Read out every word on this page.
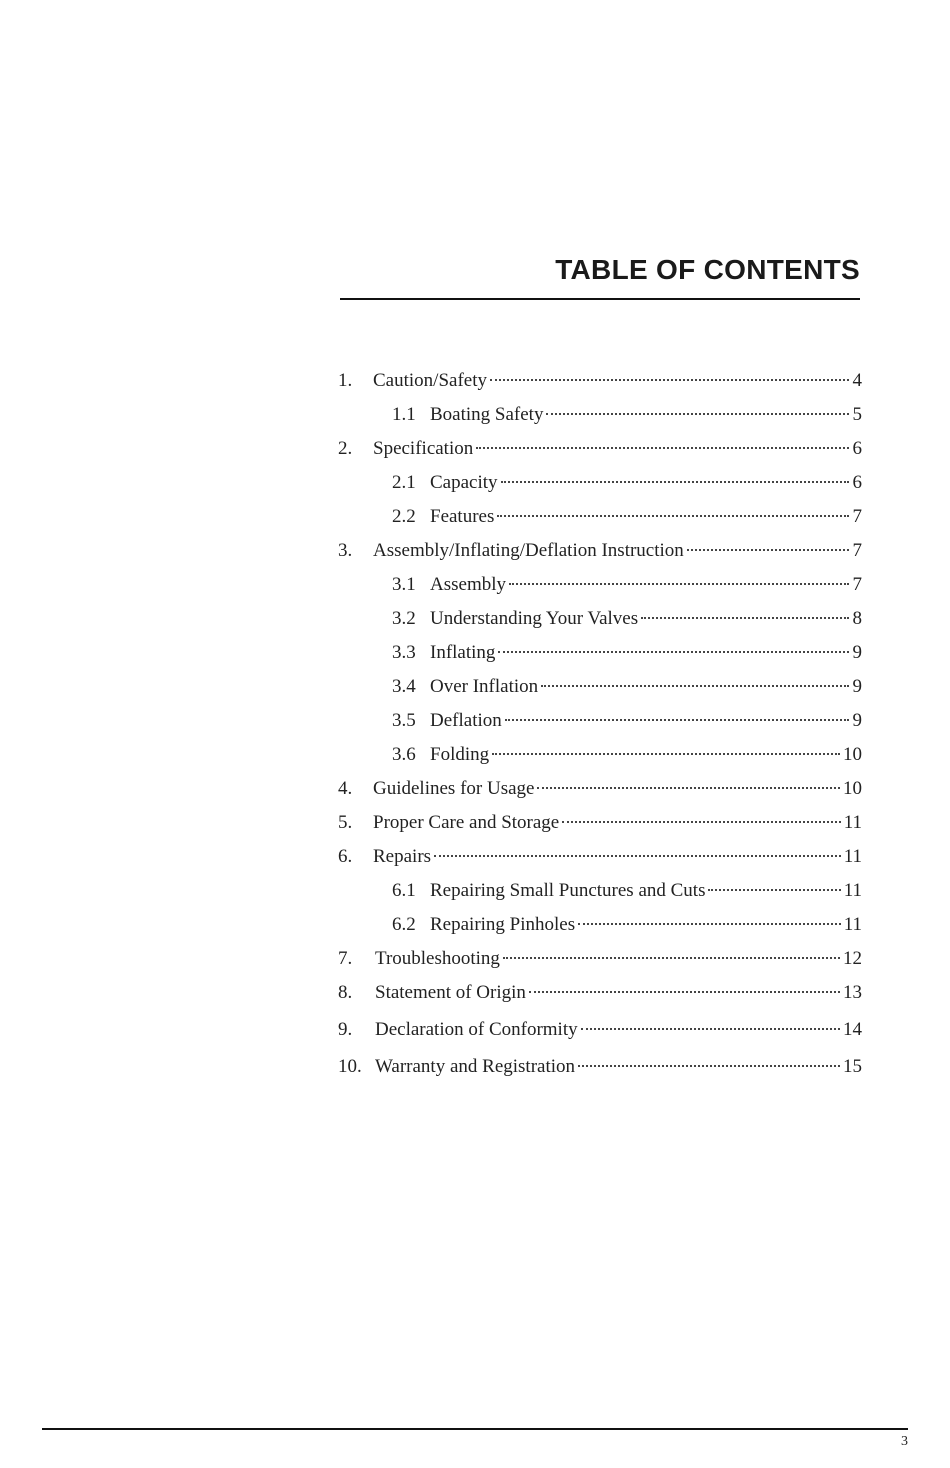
TABLE OF CONTENTS
1.	Caution/Safety	4
1.1 Boating Safety	5
2.	Specification	6
2.1 Capacity	6
2.2 Features	7
3.	Assembly/Inflating/Deflation Instruction	7
3.1 Assembly	7
3.2 Understanding Your Valves	8
3.3 Inflating	9
3.4 Over Inflation	9
3.5 Deflation	9
3.6 Folding	10
4.	Guidelines for Usage	10
5.	Proper Care and Storage	11
6.	Repairs	11
6.1 Repairing Small Punctures and Cuts	11
6.2 Repairing Pinholes	11
7.	Troubleshooting	12
8.	Statement of Origin	13
9.	Declaration of Conformity	14
10. Warranty and Registration	15
3
